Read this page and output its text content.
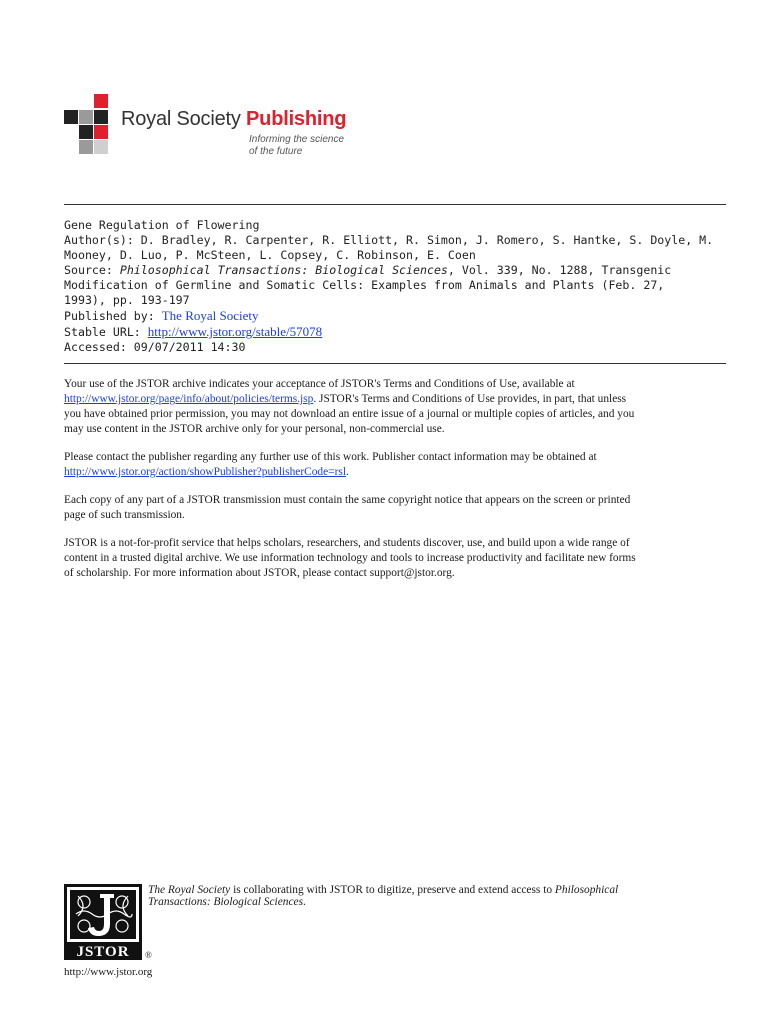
Royal Society Publishing
Informing the science
of the future
Gene Regulation of Flowering
Author(s): D. Bradley, R. Carpenter, R. Elliott, R. Simon, J. Romero, S. Hantke, S. Doyle, M.
Mooney, D. Luo, P. McSteen, L. Copsey, C. Robinson, E. Coen
Source: Philosophical Transactions: Biological Sciences, Vol. 339, No. 1288, Transgenic
Modification of Germline and Somatic Cells: Examples from Animals and Plants (Feb. 27,
1993), pp. 193-197
Published by: The Royal Society
Stable URL: http://www.jstor.org/stable/57078
Accessed: 09/07/2011 14:30

Your use of the JSTOR archive indicates your acceptance of JSTOR's Terms and Conditions of Use, available at
http://www.jstor.org/page/info/about/policies/terms.jsp. JSTOR's Terms and Conditions of Use provides, in part, that unless
you have obtained prior permission, you may not download an entire issue of a journal or multiple copies of articles, and you
may use content in the JSTOR archive only for your personal, non-commercial use.

Please contact the publisher regarding any further use of this work. Publisher contact information may be obtained at
http://www.jstor.org/action/showPublisher?publisherCode=rsl.

Each copy of any part of a JSTOR transmission must contain the same copyright notice that appears on the screen or printed
page of such transmission.

JSTOR is a not-for-profit service that helps scholars, researchers, and students discover, use, and build upon a wide range of
content in a trusted digital archive. We use information technology and tools to increase productivity and facilitate new forms
of scholarship. For more information about JSTOR, please contact support@jstor.org.

JSTOR ®
http://www.jstor.org
The Royal Society is collaborating with JSTOR to digitize, preserve and extend access to Philosophical
Transactions: Biological Sciences.
